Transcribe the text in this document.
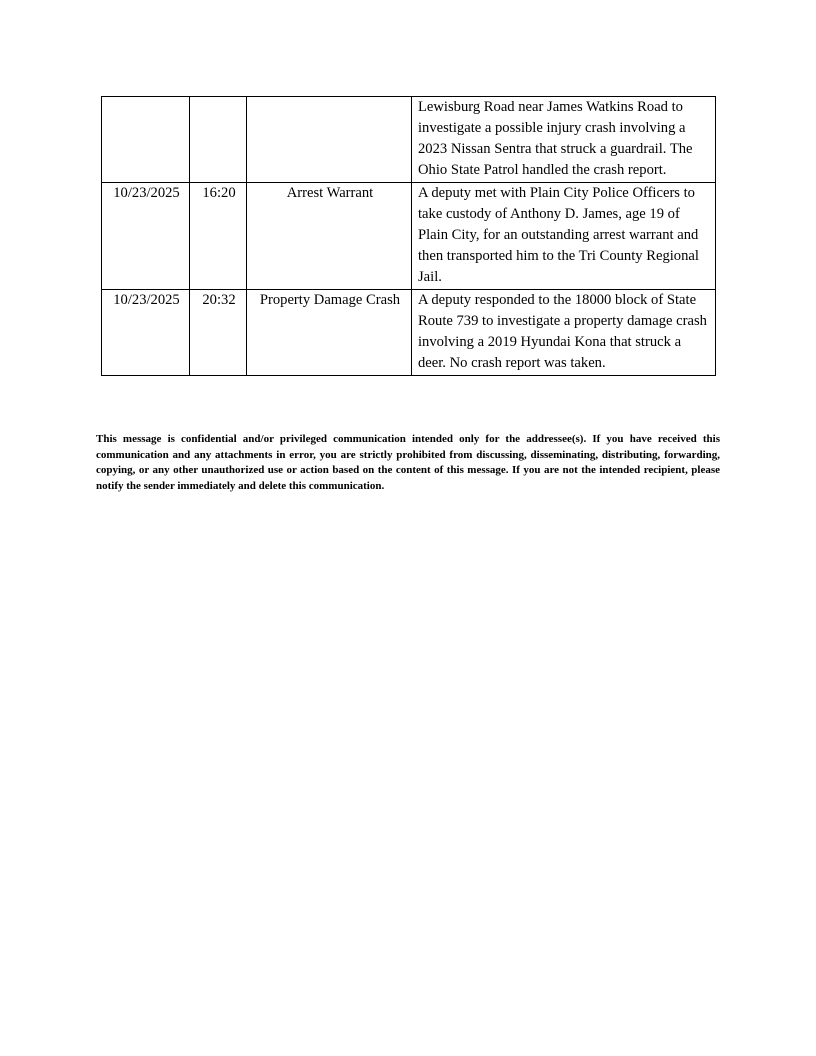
			Lewisburg Road near James Watkins Road to investigate a possible injury crash involving a 2023 Nissan Sentra that struck a guardrail. The Ohio State Patrol handled the crash report.
10/23/2025	16:20	Arrest Warrant	A deputy met with Plain City Police Officers to take custody of Anthony D. James, age 19 of Plain City, for an outstanding arrest warrant and then transported him to the Tri County Regional Jail.
10/23/2025	20:32	Property Damage Crash	A deputy responded to the 18000 block of State Route 739 to investigate a property damage crash involving a 2019 Hyundai Kona that struck a deer. No crash report was taken.

This message is confidential and/or privileged communication intended only for the addressee(s). If you have received this communication and any attachments in error, you are strictly prohibited from discussing, disseminating, distributing, forwarding, copying, or any other unauthorized use or action based on the content of this message. If you are not the intended recipient, please notify the sender immediately and delete this communication.
